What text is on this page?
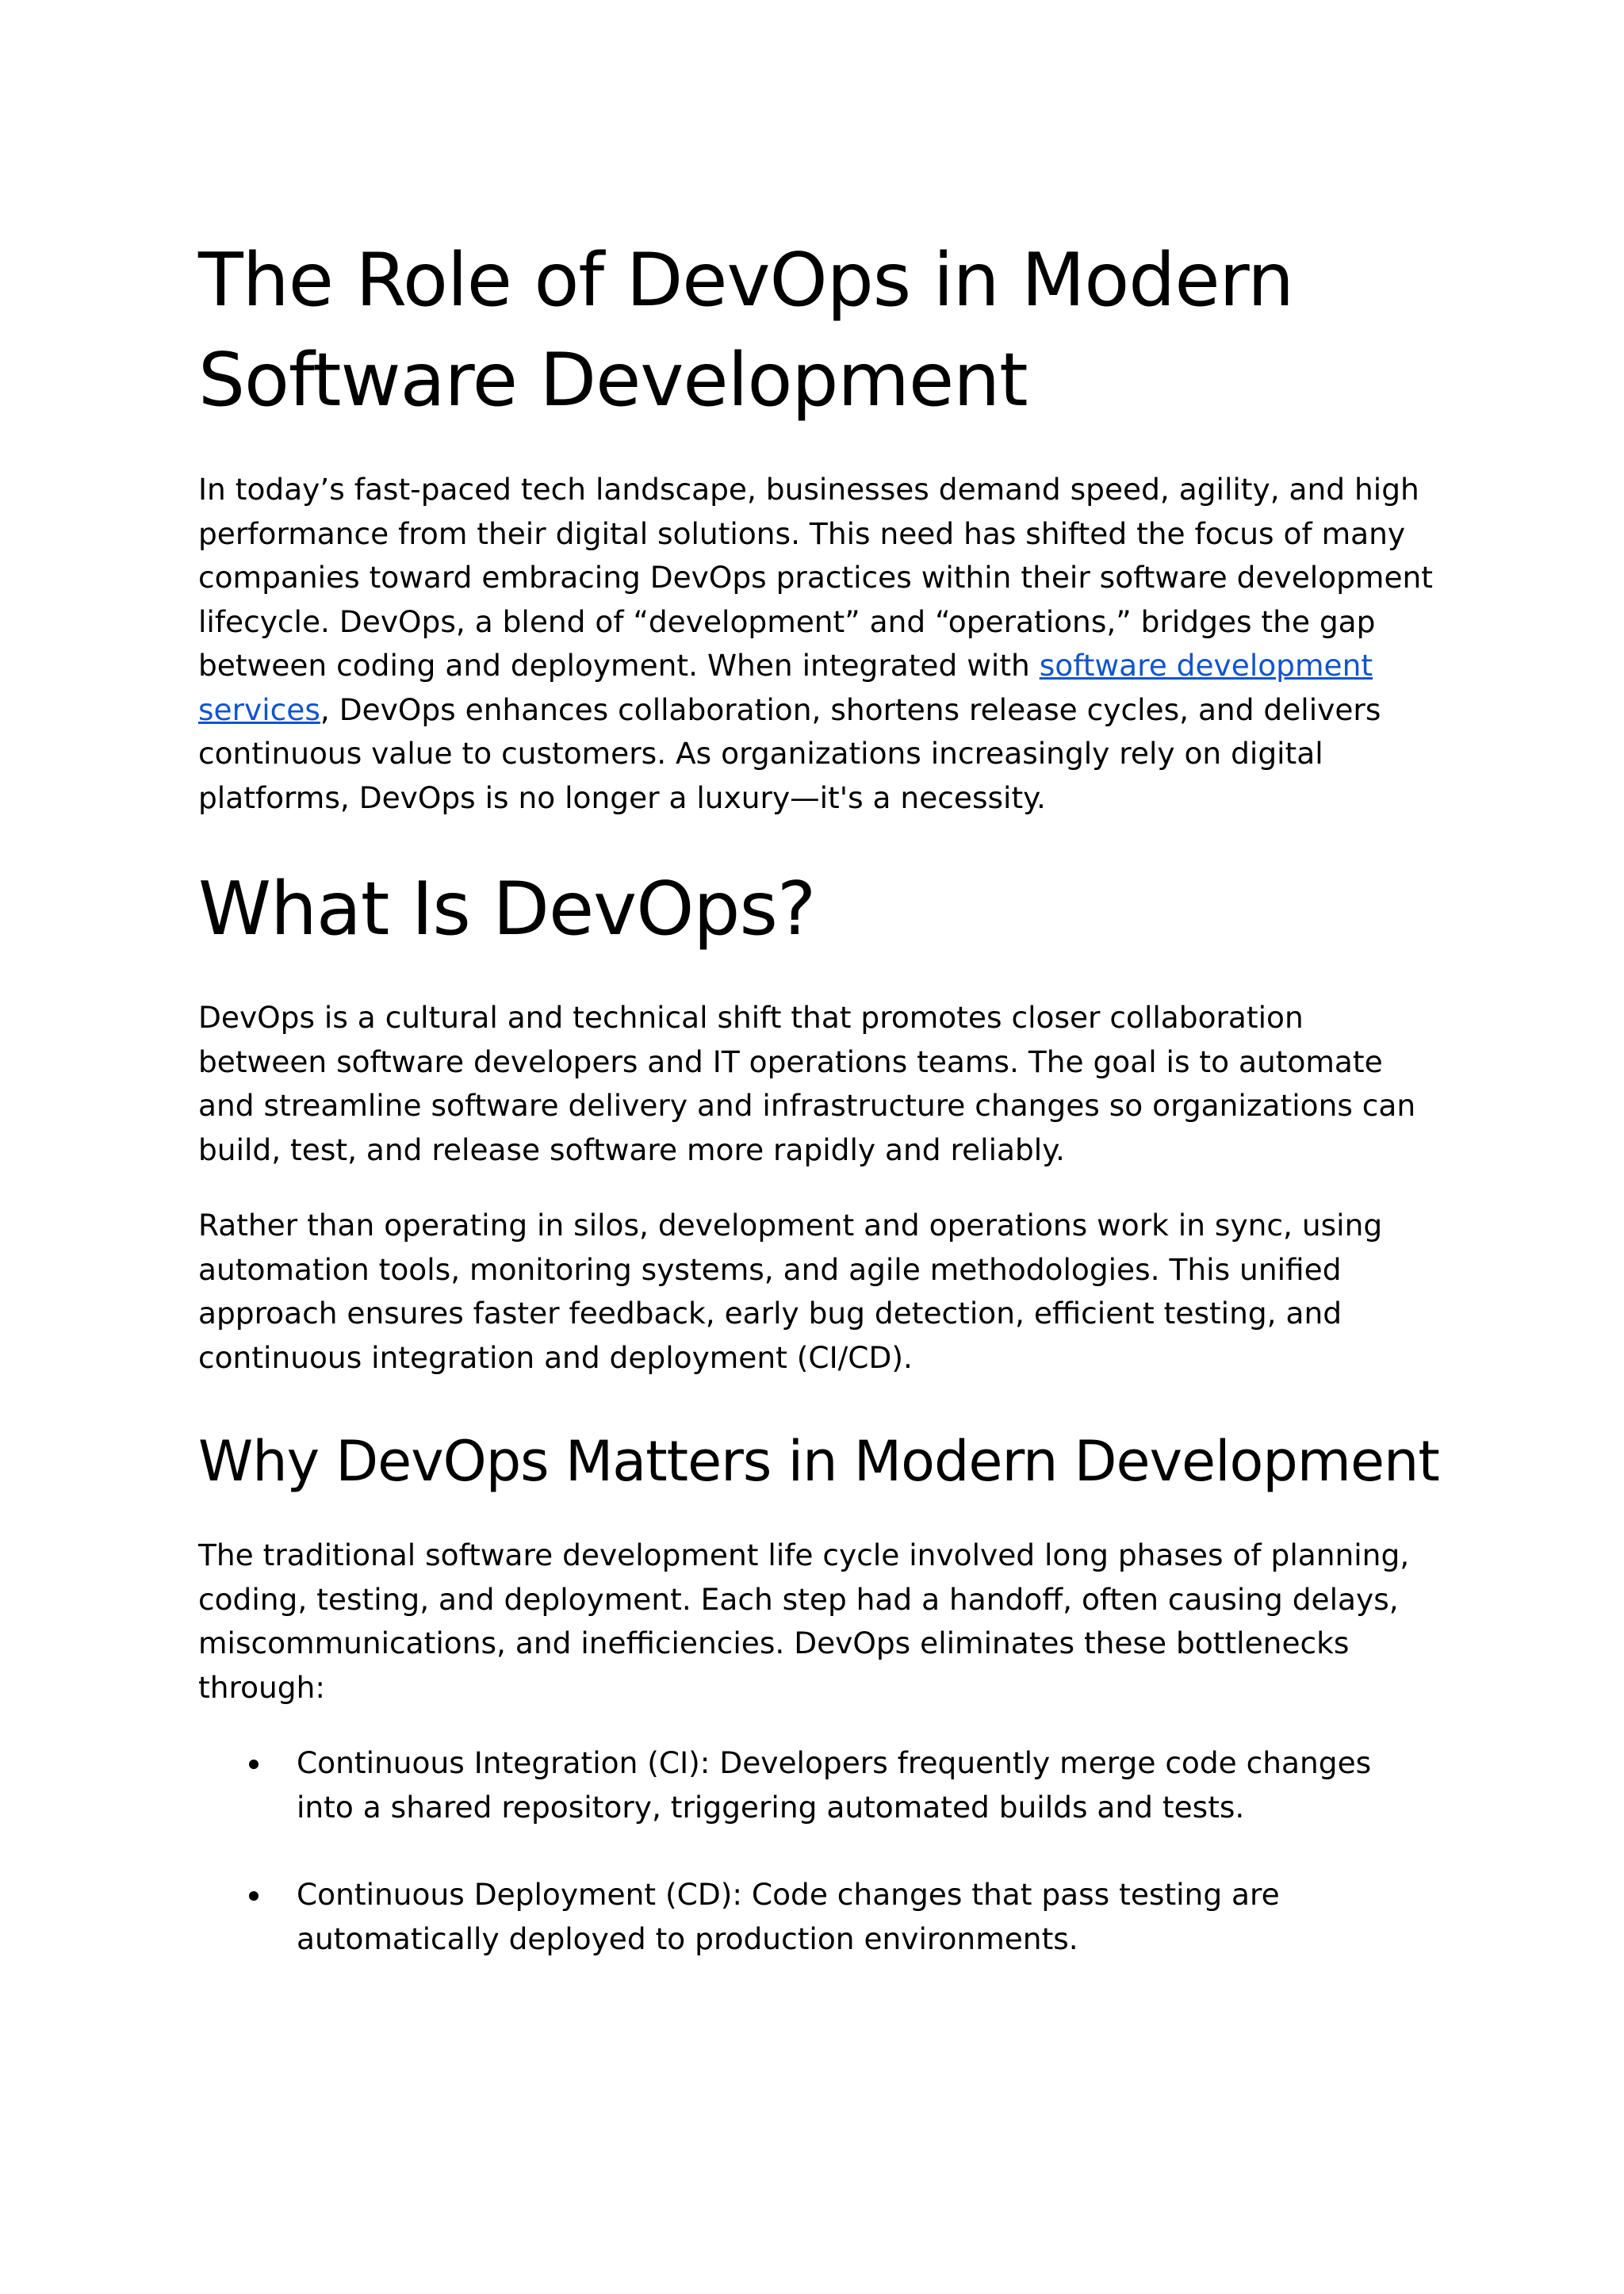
The Role of DevOps in Modern Software Development

In today’s fast-paced tech landscape, businesses demand speed, agility, and high performance from their digital solutions. This need has shifted the focus of many companies toward embracing DevOps practices within their software development lifecycle. DevOps, a blend of “development” and “operations,” bridges the gap between coding and deployment. When integrated with software development services, DevOps enhances collaboration, shortens release cycles, and delivers continuous value to customers. As organizations increasingly rely on digital platforms, DevOps is no longer a luxury—it's a necessity.

What Is DevOps?

DevOps is a cultural and technical shift that promotes closer collaboration between software developers and IT operations teams. The goal is to automate and streamline software delivery and infrastructure changes so organizations can build, test, and release software more rapidly and reliably.

Rather than operating in silos, development and operations work in sync, using automation tools, monitoring systems, and agile methodologies. This unified approach ensures faster feedback, early bug detection, efficient testing, and continuous integration and deployment (CI/CD).

Why DevOps Matters in Modern Development

The traditional software development life cycle involved long phases of planning, coding, testing, and deployment. Each step had a handoff, often causing delays, miscommunications, and inefficiencies. DevOps eliminates these bottlenecks through:

Continuous Integration (CI): Developers frequently merge code changes into a shared repository, triggering automated builds and tests.
Continuous Deployment (CD): Code changes that pass testing are automatically deployed to production environments.
